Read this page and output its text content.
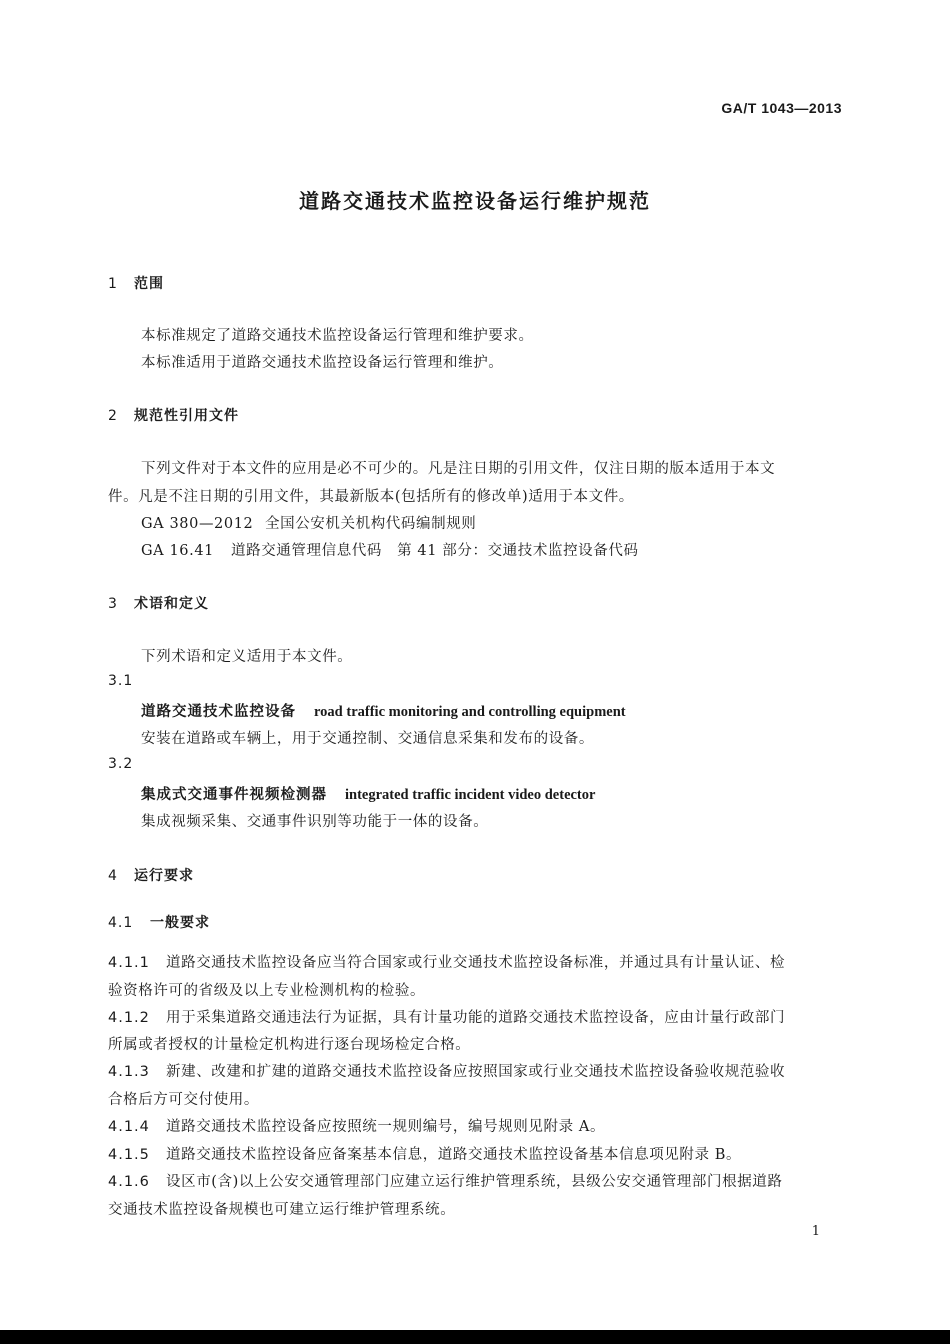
GA/T 1043—2013
道路交通技术监控设备运行维护规范
1 范围
本标准规定了道路交通技术监控设备运行管理和维护要求。
本标准适用于道路交通技术监控设备运行管理和维护。
2 规范性引用文件
下列文件对于本文件的应用是必不可少的。凡是注日期的引用文件，仅注日期的版本适用于本文
件。凡是不注日期的引用文件，其最新版本(包括所有的修改单)适用于本文件。
GA 380—2012 全国公安机关机构代码编制规则
GA 16.41 道路交通管理信息代码　第 41 部分：交通技术监控设备代码
3 术语和定义
下列术语和定义适用于本文件。
3.1
道路交通技术监控设备 road traffic monitoring and controlling equipment
安装在道路或车辆上，用于交通控制、交通信息采集和发布的设备。
3.2
集成式交通事件视频检测器 integrated traffic incident video detector
集成视频采集、交通事件识别等功能于一体的设备。
4 运行要求
4.1 一般要求
4.1.1 道路交通技术监控设备应当符合国家或行业交通技术监控设备标准，并通过具有计量认证、检
验资格许可的省级及以上专业检测机构的检验。
4.1.2 用于采集道路交通违法行为证据，具有计量功能的道路交通技术监控设备，应由计量行政部门
所属或者授权的计量检定机构进行逐台现场检定合格。
4.1.3 新建、改建和扩建的道路交通技术监控设备应按照国家或行业交通技术监控设备验收规范验收
合格后方可交付使用。
4.1.4 道路交通技术监控设备应按照统一规则编号，编号规则见附录 A。
4.1.5 道路交通技术监控设备应备案基本信息，道路交通技术监控设备基本信息项见附录 B。
4.1.6 设区市(含)以上公安交通管理部门应建立运行维护管理系统，县级公安交通管理部门根据道路
交通技术监控设备规模也可建立运行维护管理系统。
1
